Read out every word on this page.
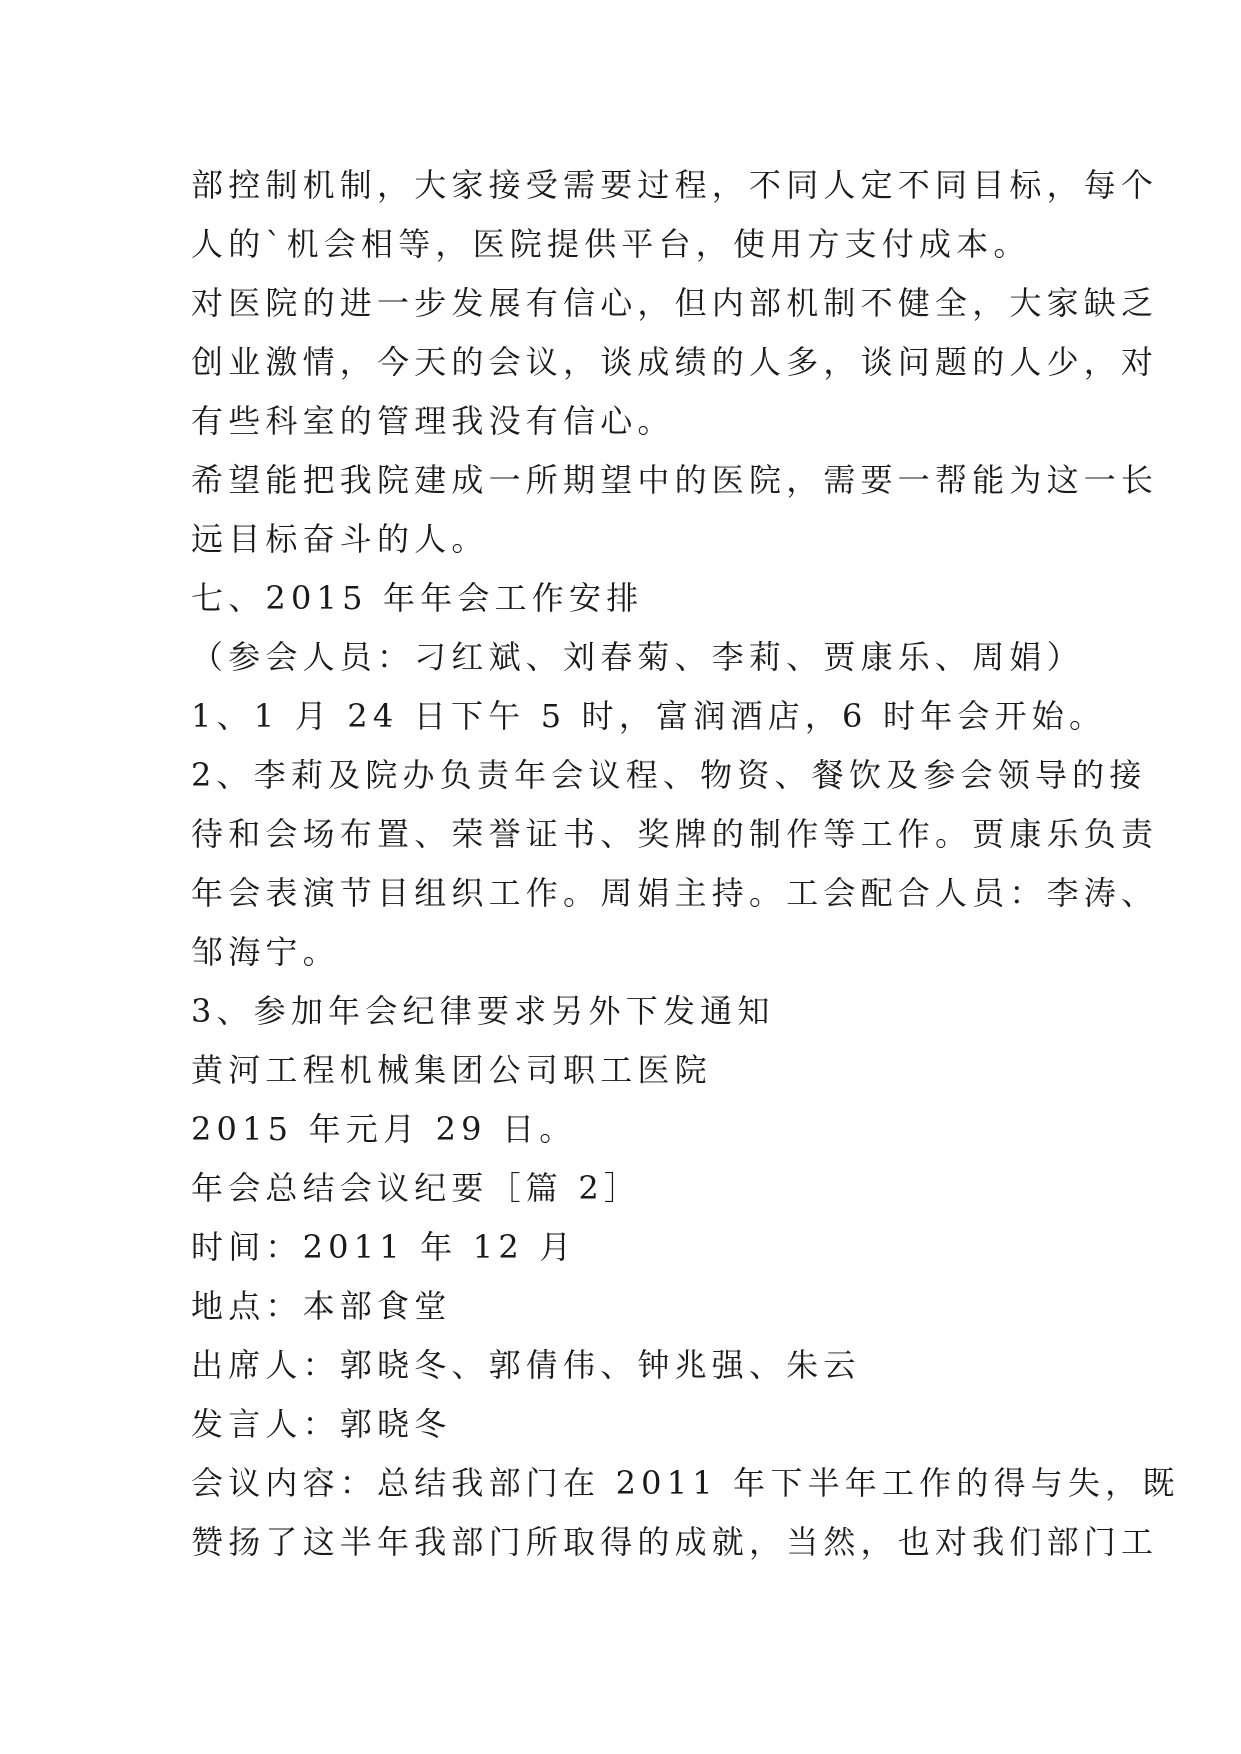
部控制机制，大家接受需要过程，不同人定不同目标，每个
人的`机会相等，医院提供平台，使用方支付成本。
对医院的进一步发展有信心，但内部机制不健全，大家缺乏
创业激情，今天的会议，谈成绩的人多，谈问题的人少，对
有些科室的管理我没有信心。
希望能把我院建成一所期望中的医院，需要一帮能为这一长
远目标奋斗的人。
七、2015 年年会工作安排
（参会人员：刁红斌、刘春菊、李莉、贾康乐、周娟）
1、1 月 24 日下午 5 时，富润酒店，6 时年会开始。
2、李莉及院办负责年会议程、物资、餐饮及参会领导的接
待和会场布置、荣誉证书、奖牌的制作等工作。贾康乐负责
年会表演节目组织工作。周娟主持。工会配合人员：李涛、
邹海宁。
3、参加年会纪律要求另外下发通知
黄河工程机械集团公司职工医院
2015 年元月 29 日。
年会总结会议纪要［篇 2］
时间：2011 年 12 月
地点：本部食堂
出席人：郭晓冬、郭倩伟、钟兆强、朱云
发言人：郭晓冬
会议内容：总结我部门在 2011 年下半年工作的得与失，既
赞扬了这半年我部门所取得的成就，当然，也对我们部门工
